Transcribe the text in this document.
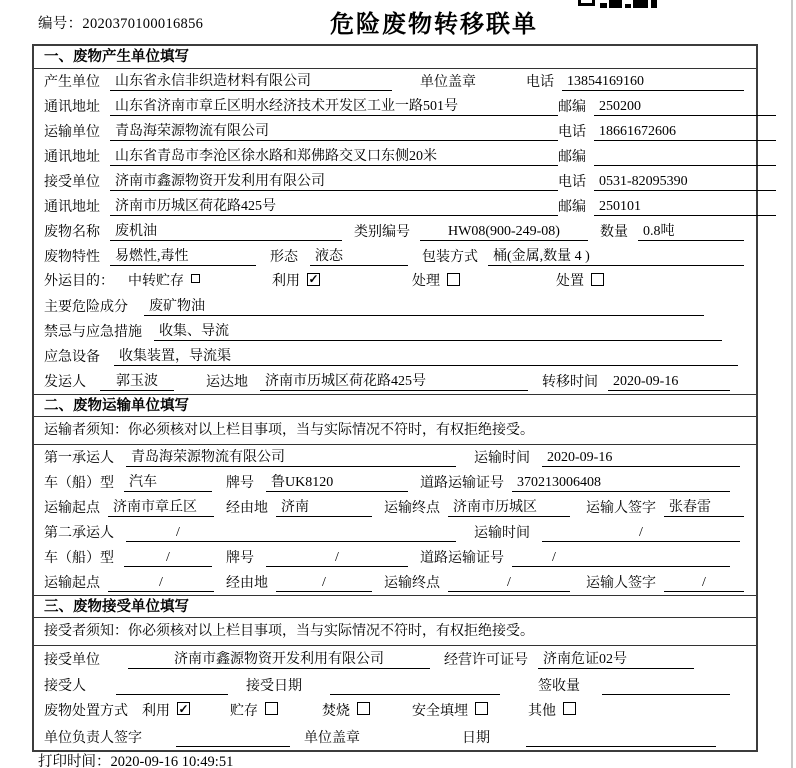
编号：2020370100016856	危险废物转移联单
一、废物产生单位填写
产生单位	山东省永信非织造材料有限公司	单位盖章	电话 13854169160
通讯地址	山东省济南市章丘区明水经济技术开发区工业一路501号	邮编 250200
运输单位	青岛海荣源物流有限公司	电话 18661672606
通讯地址	山东省青岛市李沧区徐水路和郑佛路交叉口东侧20米	邮编
接受单位	济南市鑫源物资开发利用有限公司	电话 0531-82095390
通讯地址	济南市历城区荷花路425号	邮编 250101
废物名称	废机油	类别编号	HW08(900-249-08)	数量	0.8吨
废物特性	易燃性,毒性	形态	液态	包装方式	桶(金属,数量 4 )
外运目的： 中转贮存	利用 ✓	处理	处置
主要危险成分	废矿物油
禁忌与应急措施	收集、导流
应急设备	收集装置，导流渠
发运人	郭玉波	运达地	济南市历城区荷花路425号	转移时间	2020-09-16
二、废物运输单位填写
运输者须知：你必须核对以上栏目事项，当与实际情况不符时，有权拒绝接受。
第一承运人	青岛海荣源物流有限公司	运输时间	2020-09-16
车（船）型	汽车	牌号	鲁UK8120	道路运输证号 370213006408
运输起点 济南市章丘区	经由地 济南	运输终点 济南市历城区	运输人签字 张春雷
第二承运人	/	运输时间	/
车（船）型	/	牌号	/	道路运输证号	/
运输起点	/	经由地	/	运输终点	/	运输人签字	/
三、废物接受单位填写
接受者须知：你必须核对以上栏目事项，当与实际情况不符时，有权拒绝接受。
接受单位	济南市鑫源物资开发利用有限公司	经营许可证号	济南危证02号
接受人	接受日期	签收量
废物处置方式 利用 ✓	贮存	焚烧	安全填埋	其他
单位负责人签字	单位盖章	日期
打印时间：2020-09-16 10:49:51
